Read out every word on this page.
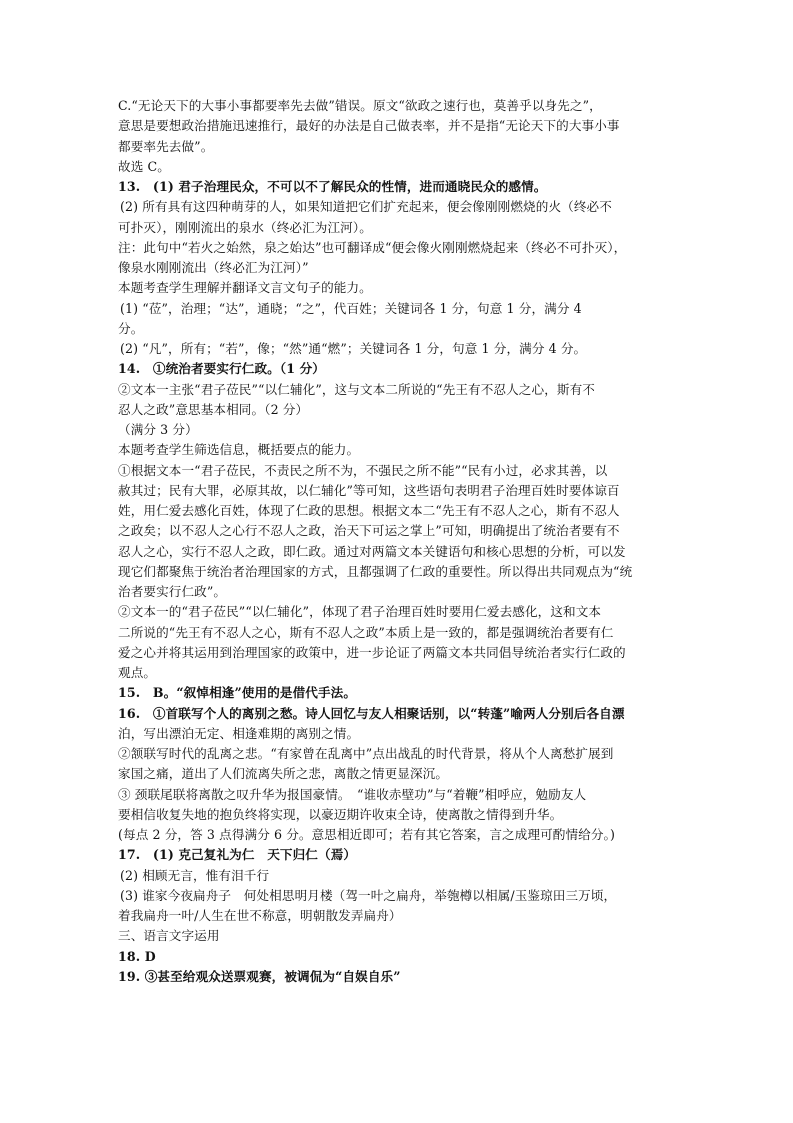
C.“无论天下的大事小事都要率先去做”错误。原文“欲政之速行也，莫善乎以身先之”，
意思是要想政治措施迅速推行，最好的办法是自己做表率，并不是指“无论天下的大事小事
都要率先去做”。
故选 C。
13.　(1) 君子治理民众，不可以不了解民众的性情，进而通晓民众的感情。
(2) 所有具有这四种萌芽的人，如果知道把它们扩充起来，便会像刚刚燃烧的火（终必不
可扑灭），刚刚流出的泉水（终必汇为江河）。
注：此句中“若火之始然，泉之始达”也可翻译成“便会像火刚刚燃烧起来（终必不可扑灭），
像泉水刚刚流出（终必汇为江河）”
本题考查学生理解并翻译文言文句子的能力。
(1) “莅”，治理；“达”，通晓；“之”，代百姓；关键词各 1 分，句意 1 分，满分 4
分。
(2) “凡”，所有；“若”，像；“然”通“燃”；关键词各 1 分，句意 1 分，满分 4 分。
14.　①统治者要实行仁政。（1 分）
②文本一主张“君子莅民”“以仁辅化”，这与文本二所说的“先王有不忍人之心，斯有不
忍人之政”意思基本相同。（2 分）
（满分 3 分）
本题考查学生筛选信息，概括要点的能力。
①根据文本一“君子莅民，不责民之所不为，不强民之所不能”“民有小过，必求其善，以
赦其过；民有大罪，必原其故，以仁辅化”等可知，这些语句表明君子治理百姓时要体谅百
姓，用仁爱去感化百姓，体现了仁政的思想。根据文本二“先王有不忍人之心，斯有不忍人
之政矣；以不忍人之心行不忍人之政，治天下可运之掌上”可知，明确提出了统治者要有不
忍人之心，实行不忍人之政，即仁政。通过对两篇文本关键语句和核心思想的分析，可以发
现它们都聚焦于统治者治理国家的方式，且都强调了仁政的重要性。所以得出共同观点为“统
治者要实行仁政”。
②文本一的“君子莅民”“以仁辅化”，体现了君子治理百姓时要用仁爱去感化，这和文本
二所说的“先王有不忍人之心，斯有不忍人之政”本质上是一致的，都是强调统治者要有仁
爱之心并将其运用到治理国家的政策中，进一步论证了两篇文本共同倡导统治者实行仁政的
观点。
15.　B。“叙悼相逢”使用的是借代手法。
16.　①首联写个人的离别之愁。诗人回忆与友人相聚话别，以“转蓬”喻两人分别后各自漂
泊，写出漂泊无定、相逢难期的离别之情。
②颔联写时代的乱离之悲。“有家曾在乱离中”点出战乱的时代背景，将从个人离愁扩展到
家国之痛，道出了人们流离失所之悲，离散之情更显深沉。
③ 颈联尾联将离散之叹升华为报国豪情。　“谁收赤壁功”与“着鞭”相呼应，勉励友人
要相信收复失地的抱负终将实现，以豪迈期许收束全诗，使离散之情得到升华。
(每点 2 分，答 3 点得满分 6 分。意思相近即可；若有其它答案，言之成理可酌情给分。)
17.　(1) 克己复礼为仁　天下归仁（焉）
(2) 相顾无言，惟有泪千行
(3) 谁家今夜扁舟子　何处相思明月楼（驾一叶之扁舟，举匏樽以相属/玉鉴琼田三万顷，
着我扁舟一叶/人生在世不称意，明朝散发弄扁舟）
三、语言文字运用
18. D
19. ③甚至给观众送票观赛，被调侃为“自娱自乐”
